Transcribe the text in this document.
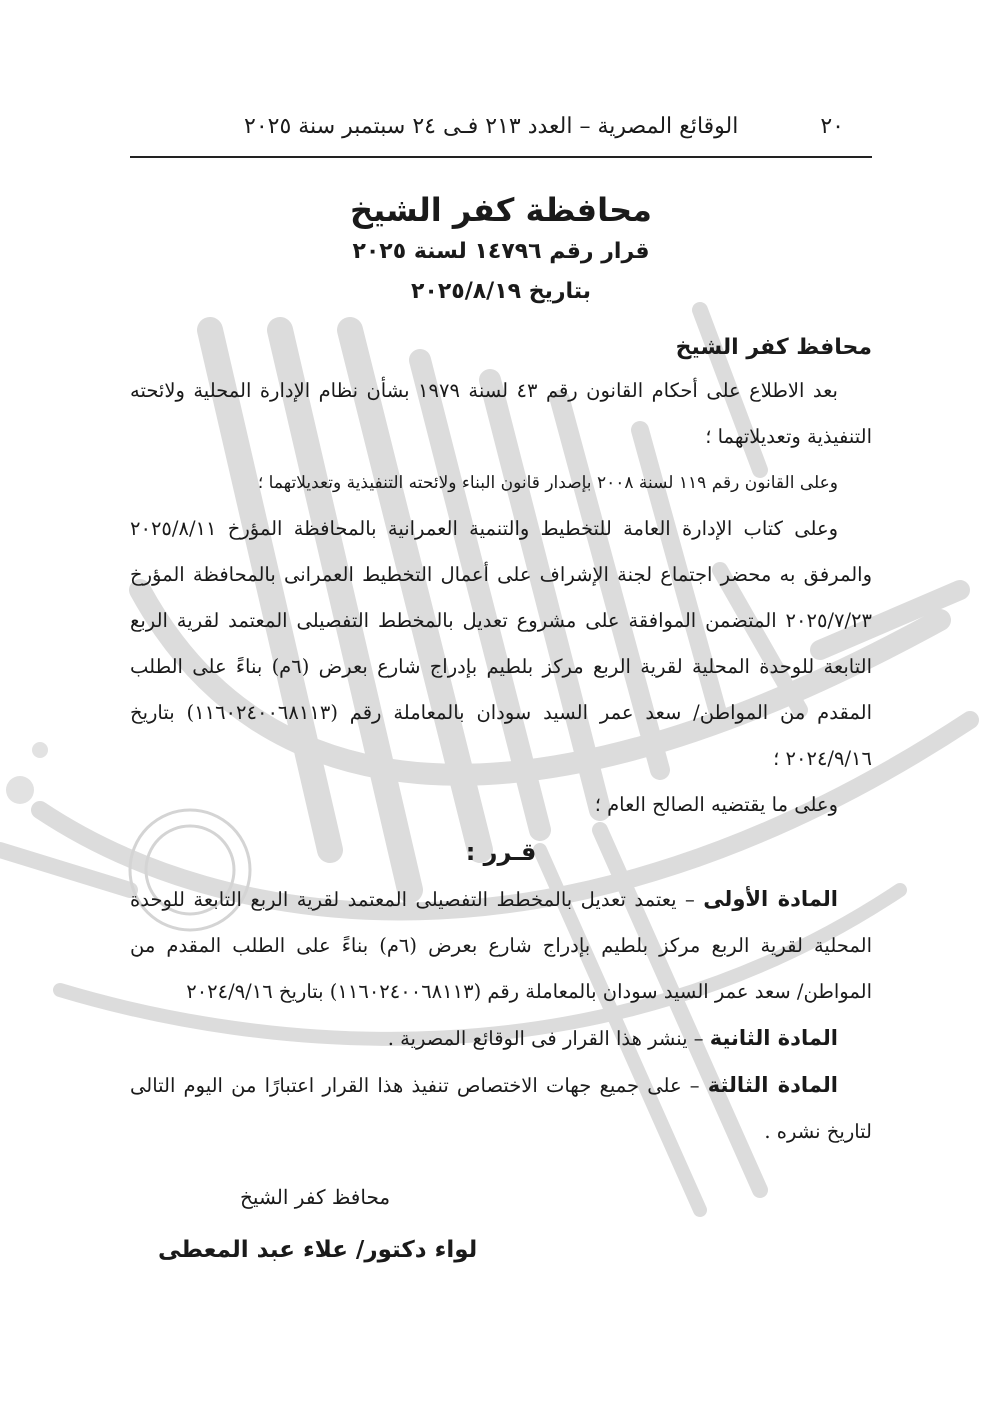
٢٠
الوقائع المصرية – العدد ٢١٣ فـى ٢٤ سبتمبر سنة ٢٠٢٥
محافظة كفر الشيخ
قرار رقم ١٤٧٩٦ لسنة ٢٠٢٥
بتاريخ ٢٠٢٥/٨/١٩
محافظ كفر الشيخ

بعد الاطلاع على أحكام القانون رقم ٤٣ لسنة ١٩٧٩ بشأن نظام الإدارة المحلية ولائحته التنفيذية وتعديلاتهما ؛

وعلى القانون رقم ١١٩ لسنة ٢٠٠٨ بإصدار قانون البناء ولائحته التنفيذية وتعديلاتهما ؛

وعلى كتاب الإدارة العامة للتخطيط والتنمية العمرانية بالمحافظة المؤرخ ٢٠٢٥/٨/١١ والمرفق به محضر اجتماع لجنة الإشراف على أعمال التخطيط العمرانى بالمحافظة المؤرخ ٢٠٢٥/٧/٢٣ المتضمن الموافقة على مشروع تعديل بالمخطط التفصيلى المعتمد لقرية الربع التابعة للوحدة المحلية لقرية الربع مركز بلطيم بإدراج شارع بعرض (٦م) بناءً على الطلب المقدم من المواطن/ سعد عمر السيد سودان بالمعاملة رقم (١١٦٠٢٤٠٠٦٨١١٣) بتاريخ ٢٠٢٤/٩/١٦ ؛

وعلى ما يقتضيه الصالح العام ؛

قـرر :

المادة الأولى – يعتمد تعديل بالمخطط التفصيلى المعتمد لقرية الربع التابعة للوحدة المحلية لقرية الربع مركز بلطيم بإدراج شارع بعرض (٦م) بناءً على الطلب المقدم من المواطن/ سعد عمر السيد سودان بالمعاملة رقم (١١٦٠٢٤٠٠٦٨١١٣) بتاريخ ٢٠٢٤/٩/١٦

المادة الثانية – ينشر هذا القرار فى الوقائع المصرية .

المادة الثالثة – على جميع جهات الاختصاص تنفيذ هذا القرار اعتبارًا من اليوم التالى لتاريخ نشره .

محافظ كفر الشيخ
لواء دكتور/ علاء عبد المعطى
